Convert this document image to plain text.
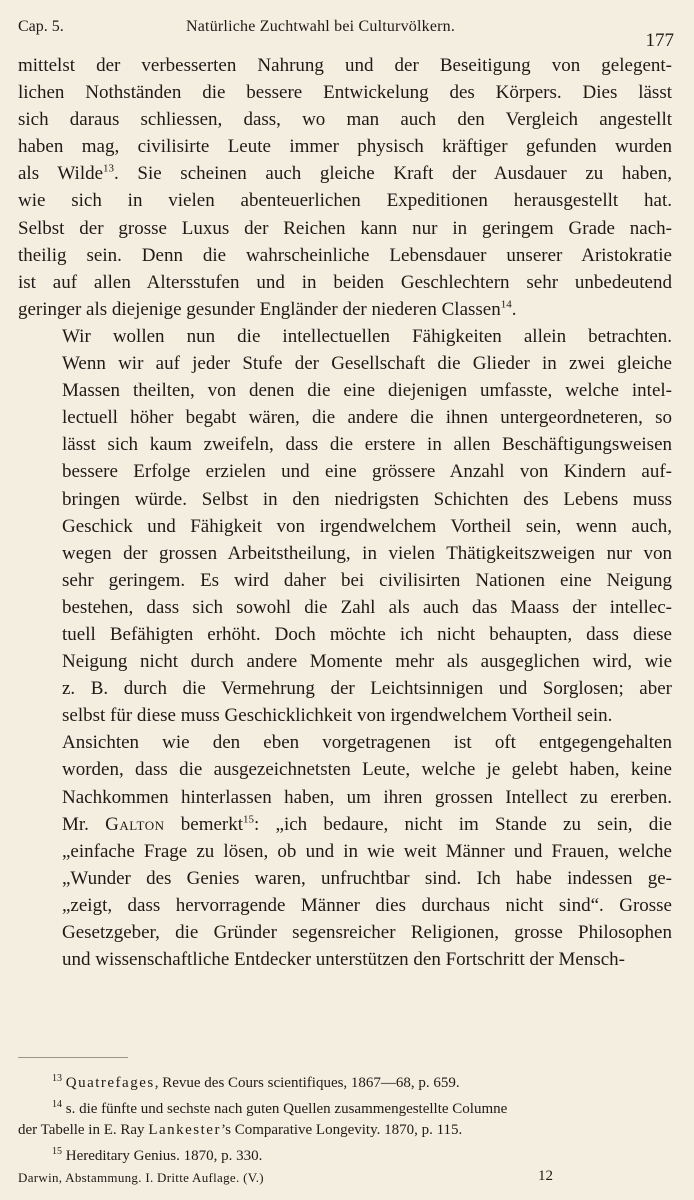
Cap. 5.	Natürliche Zuchtwahl bei Culturvölkern.
177
mittelst der verbesserten Nahrung und der Beseitigung von gelegent-
lichen Nothständen die bessere Entwickelung des Körpers. Dies lässt
sich daraus schliessen, dass, wo man auch den Vergleich angestellt
haben mag, civilisirte Leute immer physisch kräftiger gefunden wurden
als Wilde$^{13}$. Sie scheinen auch gleiche Kraft der Ausdauer zu haben,
wie sich in vielen abenteuerlichen Expeditionen herausgestellt hat.
Selbst der grosse Luxus der Reichen kann nur in geringem Grade nach-
theilig sein. Denn die wahrscheinliche Lebensdauer unserer Aristokratie
ist auf allen Altersstufen und in beiden Geschlechtern sehr unbedeutend
geringer als diejenige gesunder Engländer der niederen Classen$^{14}$.
Wir wollen nun die intellectuellen Fähigkeiten allein betrachten.
Wenn wir auf jeder Stufe der Gesellschaft die Glieder in zwei gleiche
Massen theilten, von denen die eine diejenigen umfasste, welche intel-
lectuell höher begabt wären, die andere die ihnen untergeordneteren, so
lässt sich kaum zweifeln, dass die erstere in allen Beschäftigungsweisen
bessere Erfolge erzielen und eine grössere Anzahl von Kindern auf-
bringen würde. Selbst in den niedrigsten Schichten des Lebens muss
Geschick und Fähigkeit von irgendwelchem Vortheil sein, wenn auch,
wegen der grossen Arbeitstheilung, in vielen Thätigkeitszweigen nur von
sehr geringem. Es wird daher bei civilisirten Nationen eine Neigung
bestehen, dass sich sowohl die Zahl als auch das Maass der intellec-
tuell Befähigten erhöht. Doch möchte ich nicht behaupten, dass diese
Neigung nicht durch andere Momente mehr als ausgeglichen wird, wie
z. B. durch die Vermehrung der Leichtsinnigen und Sorglosen; aber
selbst für diese muss Geschicklichkeit von irgendwelchem Vortheil sein.
Ansichten wie den eben vorgetragenen ist oft entgegengehalten
worden, dass die ausgezeichnetsten Leute, welche je gelebt haben, keine
Nachkommen hinterlassen haben, um ihren grossen Intellect zu ererben.
Mr. Galton bemerkt$^{15}$: „ich bedaure, nicht im Stande zu sein, die
„einfache Frage zu lösen, ob und in wie weit Männer und Frauen, welche
„Wunder des Genies waren, unfruchtbar sind. Ich habe indessen ge-
„zeigt, dass hervorragende Männer dies durchaus nicht sind“. Grosse
Gesetzgeber, die Gründer segensreicher Religionen, grosse Philosophen
und wissenschaftliche Entdecker unterstützen den Fortschritt der Mensch-

$^{13}$ Quatrefages, Revue des Cours scientifiques, 1867—68, p. 659.

$^{14}$ s. die fünfte und sechste nach guten Quellen zusammengestellte Columne
der Tabelle in E. Ray Lankester’s Comparative Longevity. 1870, p. 115.

$^{15}$ Hereditary Genius. 1870, p. 330.

Darwin, Abstammung. I. Dritte Auflage. (V.)	12
